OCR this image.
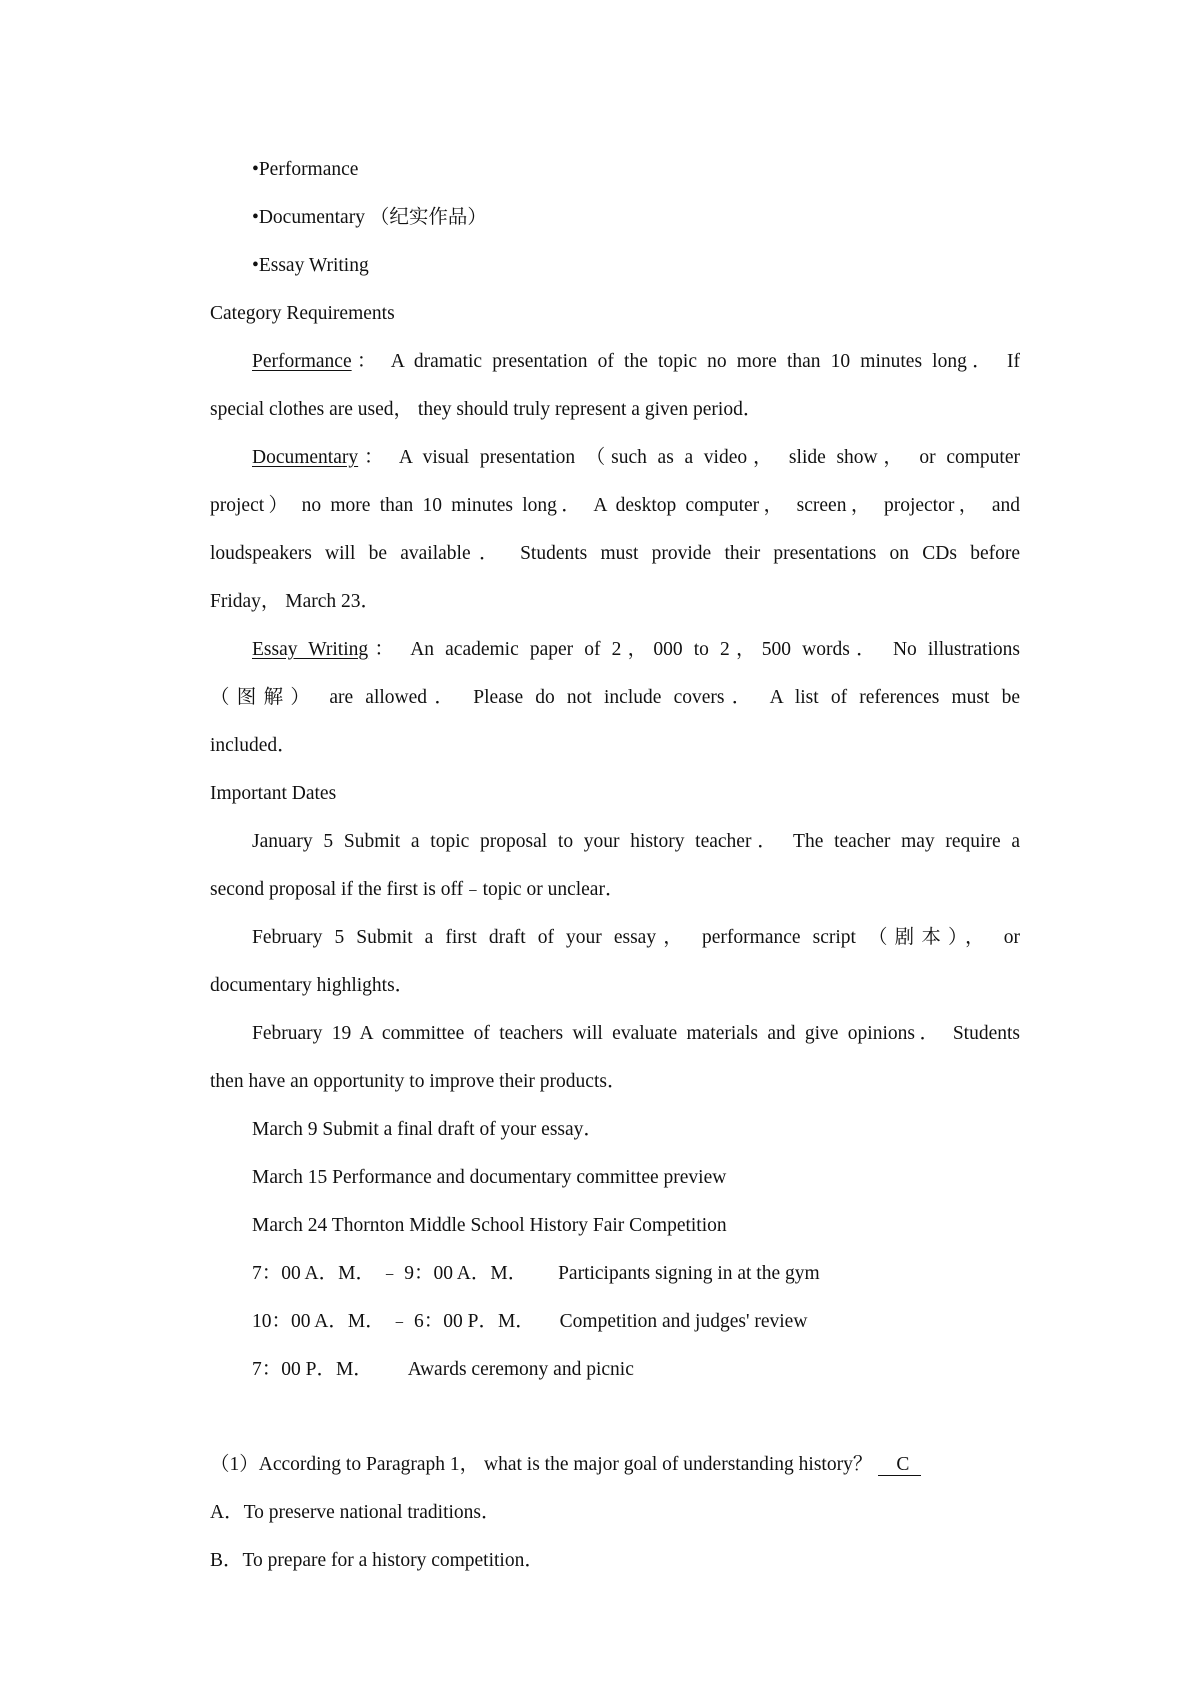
•Performance
•Documentary （纪实作品）
•Essay Writing
Category Requirements
Performance： A dramatic presentation of the topic no more than 10 minutes long． If
special clothes are used， they should truly represent a given period．
Documentary： A visual presentation （such as a video， slide show， or computer
project） no more than 10 minutes long． A desktop computer， screen， projector， and
loudspeakers will be available． Students must provide their presentations on CDs before
Friday， March 23．
Essay Writing： An academic paper of 2，000 to 2，500 words． No illustrations
（图解） are allowed． Please do not include covers． A list of references must be
included．
Important Dates
January 5 Submit a topic proposal to your history teacher． The teacher may require a
second proposal if the first is off﹣topic or unclear．
February 5 Submit a first draft of your essay， performance script （剧本）， or
documentary highlights．
February 19 A committee of teachers will evaluate materials and give opinions． Students
then have an opportunity to improve their products．
March 9 Submit a final draft of your essay．
March 15 Performance and documentary committee preview
March 24 Thornton Middle School History Fair Competition
7：00 A．M． ﹣ 9：00 A．M． Participants signing in at the gym
10：00 A．M． ﹣ 6：00 P．M． Competition and judges' review
7：00 P．M． Awards ceremony and picnic
（1）According to Paragraph 1， what is the major goal of understanding history？ C
A．To preserve national traditions．
B．To prepare for a history competition．
